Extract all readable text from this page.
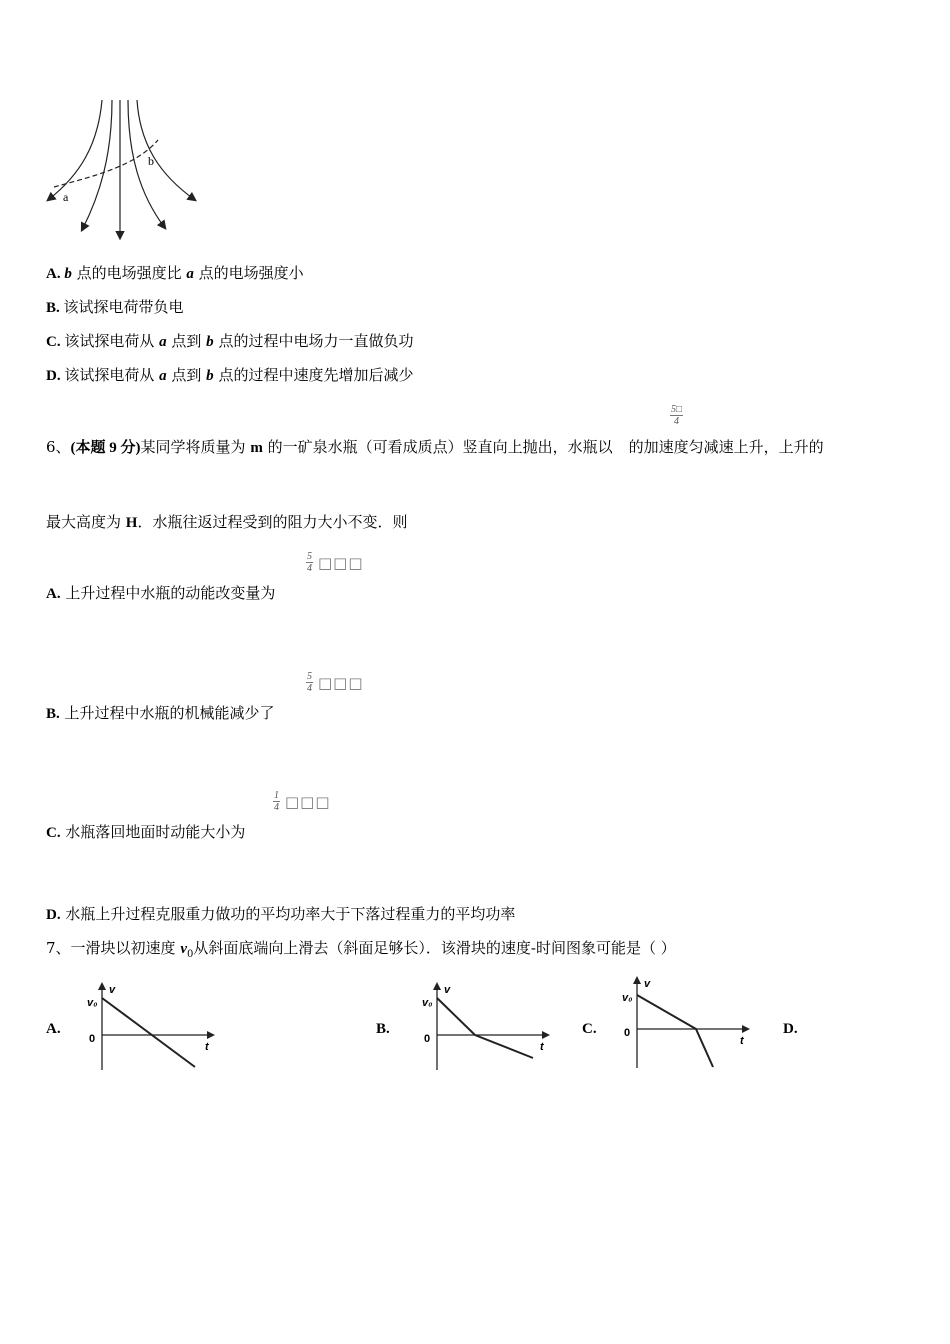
a
b
A. b 点的电场强度比 a 点的电场强度小
B. 该试探电荷带负电
C. 该试探电荷从 a 点到 b 点的过程中电场力一直做负功
D. 该试探电荷从 a 点到 b 点的过程中速度先增加后减少
$\frac{5□}{4}$
6、(本题 9 分)某同学将质量为 m 的一矿泉水瓶（可看成质点）竖直向上抛出，水瓶以 的加速度匀减速上升，上升的
最大高度为 H．水瓶往返过程受到的阻力大小不变．则
$\frac{5}{4}$ □□□
A. 上升过程中水瓶的动能改变量为
$\frac{5}{4}$ □□□
B. 上升过程中水瓶的机械能减少了
$\frac{1}{4}$ □□□
C. 水瓶落回地面时动能大小为
D. 水瓶上升过程克服重力做功的平均功率大于下落过程重力的平均功率
7、一滑块以初速度 $v_0$从斜面底端向上滑去（斜面足够长）．该滑块的速度-时间图象可能是（ ）
A.
v
v₀
0
t
B.
v
v₀
0
t
C.
v
v₀
0
t
D.
